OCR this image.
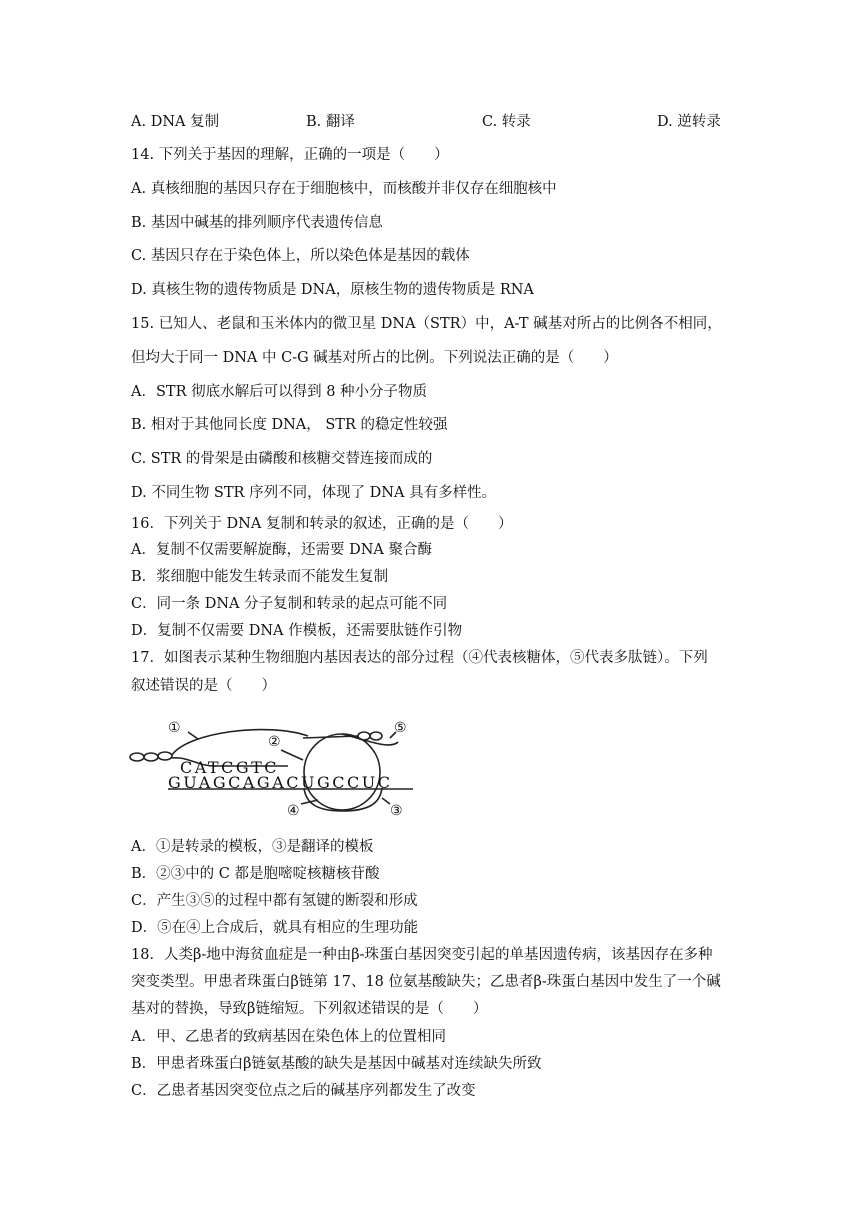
A. DNA 复制	B. 翻译	C. 转录	D. 逆转录
14. 下列关于基因的理解，正确的一项是（　　）
A. 真核细胞的基因只存在于细胞核中，而核酸并非仅存在细胞核中
B. 基因中碱基的排列顺序代表遗传信息
C. 基因只存在于染色体上，所以染色体是基因的载体
D. 真核生物的遗传物质是 DNA，原核生物的遗传物质是 RNA
15. 已知人、老鼠和玉米体内的微卫星 DNA（STR）中，A-T 碱基对所占的比例各不相同，
但均大于同一 DNA 中 C-G 碱基对所占的比例。下列说法正确的是（　　）
A．STR 彻底水解后可以得到 8 种小分子物质
B. 相对于其他同长度 DNA， STR 的稳定性较强
C. STR 的骨架是由磷酸和核糖交替连接而成的
D. 不同生物 STR 序列不同，体现了 DNA 具有多样性。
16．下列关于 DNA 复制和转录的叙述，正确的是（　　）
A．复制不仅需要解旋酶，还需要 DNA 聚合酶
B．浆细胞中能发生转录而不能发生复制
C．同一条 DNA 分子复制和转录的起点可能不同
D．复制不仅需要 DNA 作模板，还需要肽链作引物
17．如图表示某种生物细胞内基因表达的部分过程（④代表核糖体，⑤代表多肽链）。下列
叙述错误的是（　　）
①
②
⑤
④	③
CATCGTC
GUAGCAGACUGCCUC
A．①是转录的模板，③是翻译的模板
B．②③中的 C 都是胞嘧啶核糖核苷酸
C．产生③⑤的过程中都有氢键的断裂和形成
D．⑤在④上合成后，就具有相应的生理功能
18．人类β-地中海贫血症是一种由β-珠蛋白基因突变引起的单基因遗传病，该基因存在多种
突变类型。甲患者珠蛋白β链第 17、18 位氨基酸缺失；乙患者β-珠蛋白基因中发生了一个碱
基对的替换，导致β链缩短。下列叙述错误的是（　　）
A．甲、乙患者的致病基因在染色体上的位置相同
B．甲患者珠蛋白β链氨基酸的缺失是基因中碱基对连续缺失所致
C．乙患者基因突变位点之后的碱基序列都发生了改变
